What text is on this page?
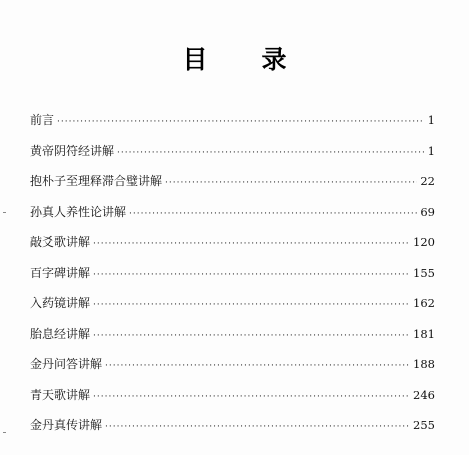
目 录
前言 ·····	1
黄帝阴符经讲解 ·····	1
抱朴子至理释滞合璧讲解 ·····	22
孙真人养性论讲解 ·····	69
敲爻歌讲解 ·····	120
百字碑讲解 ·····	155
入药镜讲解 ·····	162
胎息经讲解 ·····	181
金丹问答讲解 ·····	188
青天歌讲解 ·····	246
金丹真传讲解 ·····	255
